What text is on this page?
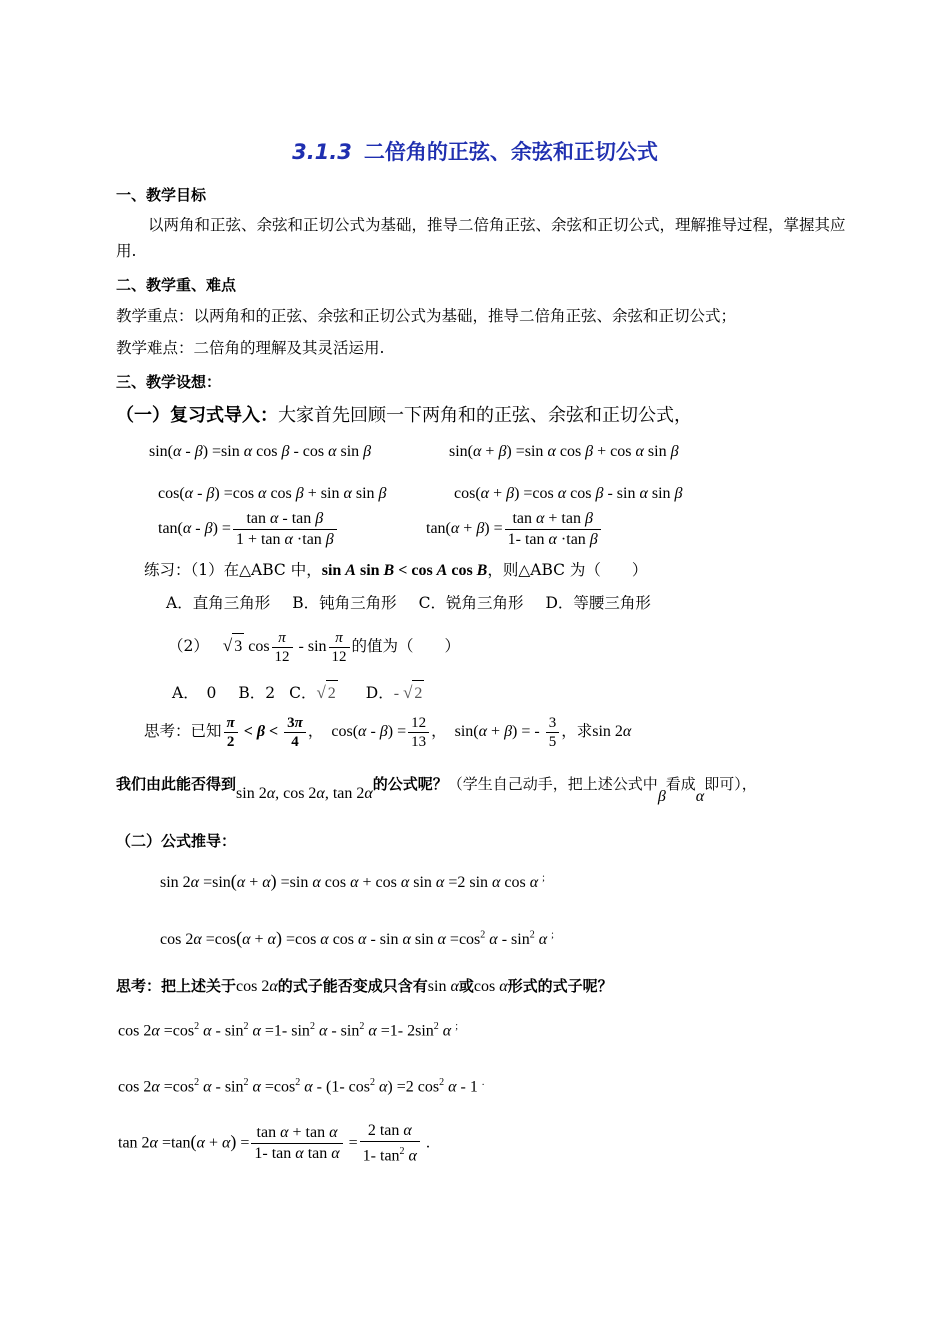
3.1.3 二倍角的正弦、余弦和正切公式
一、教学目标
以两角和正弦、余弦和正切公式为基础，推导二倍角正弦、余弦和正切公式，理解推导过程，掌握其应用.
二、教学重、难点
教学重点：以两角和的正弦、余弦和正切公式为基础，推导二倍角正弦、余弦和正切公式；
教学难点：二倍角的理解及其灵活运用.
三、教学设想：
（一）复习式导入：大家首先回顾一下两角和的正弦、余弦和正切公式，
sin(α - β) =sin α cos β - cos α sin β	sin(α + β) =sin α cos β + cos α sin β
cos(α - β) =cos α cos β + sin α sin β	cos(α + β) =cos α cos β - sin α sin β
$\tan(\alpha - \beta) = \frac{\text{tan α - tan β}}{\text{1 + tan α ·tan β}}$	$\tan(\alpha + \beta) = \frac{\text{tan α + tan β}}{\text{1- tan α ·tan β}}$
练习：（1）在△ABC 中，sin A sin B < cos A cos B，则△ABC 为（　　）
A．直角三角形 B．钝角三角形 C．锐角三角形 D．等腰三角形
（2） √ 3 $\cos \frac{\pi}{12}$ - $\sin \frac{\pi}{12}$ 的值为（　　）
A．　0 B．2 C．√ 2 D．- √ 2
思考：已知 $\frac{\pi}{2} < \beta < \frac{3\pi}{4}$ ， $\cos(\alpha - \beta) = \frac{12}{13}$ ， sin(α + β) = - $\frac{3}{5}$ ，求sin 2α
我们由此能否得到sin 2α, cos 2α, tan 2α的公式呢？（学生自己动手，把上述公式中β看成α即可），
（二）公式推导：
sin 2α =sin(α + α) =sin α cos α + cos α sin α =2 sin α cos α ;
cos 2α =cos(α + α) =cos α cos α - sin α $\sin \alpha =\cos^2$ α - $\sin^2 \alpha$ ;
思考：把上述关于cos 2α的式子能否变成只含有sin α或cos α形式的式子呢？
$\cos 2\alpha =\cos^2$ $\alpha - \sin^2 \alpha =1-$ $\sin^2 \alpha - \sin^2 \alpha =1-$ $2\sin^2$ α ;
$\cos 2\alpha =\cos^2$ $\alpha - \sin^2 \alpha =\cos^2$ α - (1- $\cos^2 \alpha) =2$ $\cos^2 \alpha - 1$ .
$\tan 2\alpha =\tan(\alpha + \alpha) = \frac{\text{tan α + tan α}}{\text{1- tan α tan α}} = \frac{\text{2 tan α}}{1- \tan^2 \alpha}$ .
